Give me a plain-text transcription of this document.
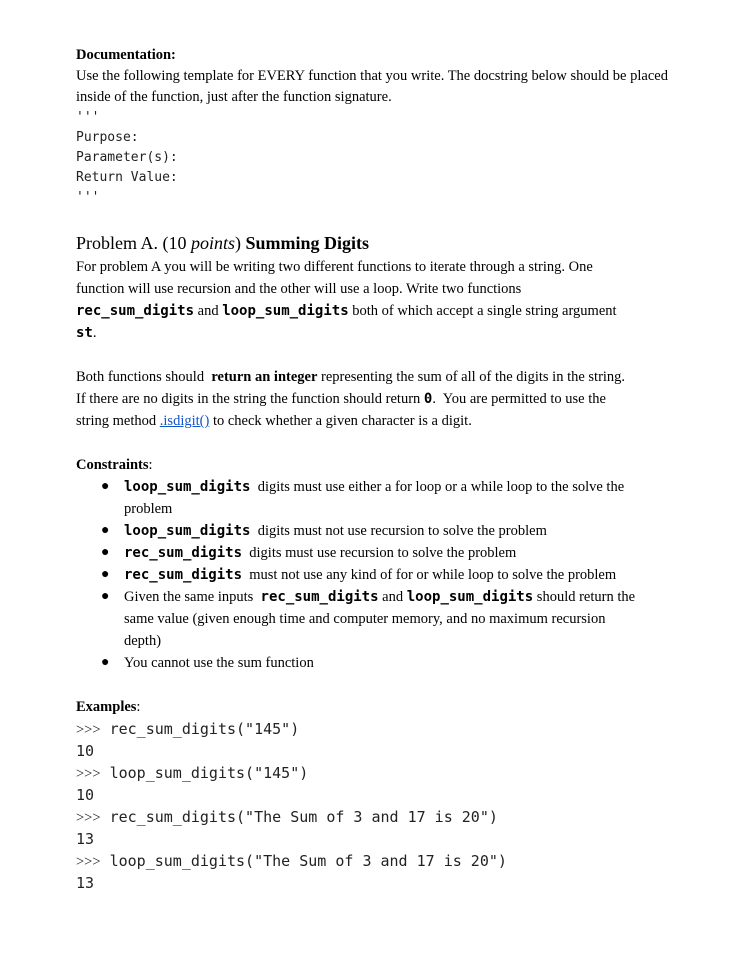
Documentation:
Use the following template for EVERY function that you write. The docstring below should be placed
inside of the function, just after the function signature.
'''
Purpose:
Parameter(s):
Return Value:
'''
Problem A. (10 points) Summing Digits
For problem A you will be writing two different functions to iterate through a string. One
function will use recursion and the other will use a loop. Write two functions
rec_sum_digits and loop_sum_digits both of which accept a single string argument
st.
Both functions should  return an integer representing the sum of all of the digits in the string.
If there are no digits in the string the function should return 0.  You are permitted to use the
string method .isdigit() to check whether a given character is a digit.
Constraints:
● loop_sum_digits  digits must use either a for loop or a while loop to the solve the
problem
● loop_sum_digits  digits must not use recursion to solve the problem
● rec_sum_digits  digits must use recursion to solve the problem
● rec_sum_digits  must not use any kind of for or while loop to solve the problem
● Given the same inputs  rec_sum_digits and loop_sum_digits should return the
same value (given enough time and computer memory, and no maximum recursion
depth)
● You cannot use the sum function
Examples:
>>> rec_sum_digits("145")
10
>>> loop_sum_digits("145")
10
>>> rec_sum_digits("The Sum of 3 and 17 is 20")
13
>>> loop_sum_digits("The Sum of 3 and 17 is 20")
13
